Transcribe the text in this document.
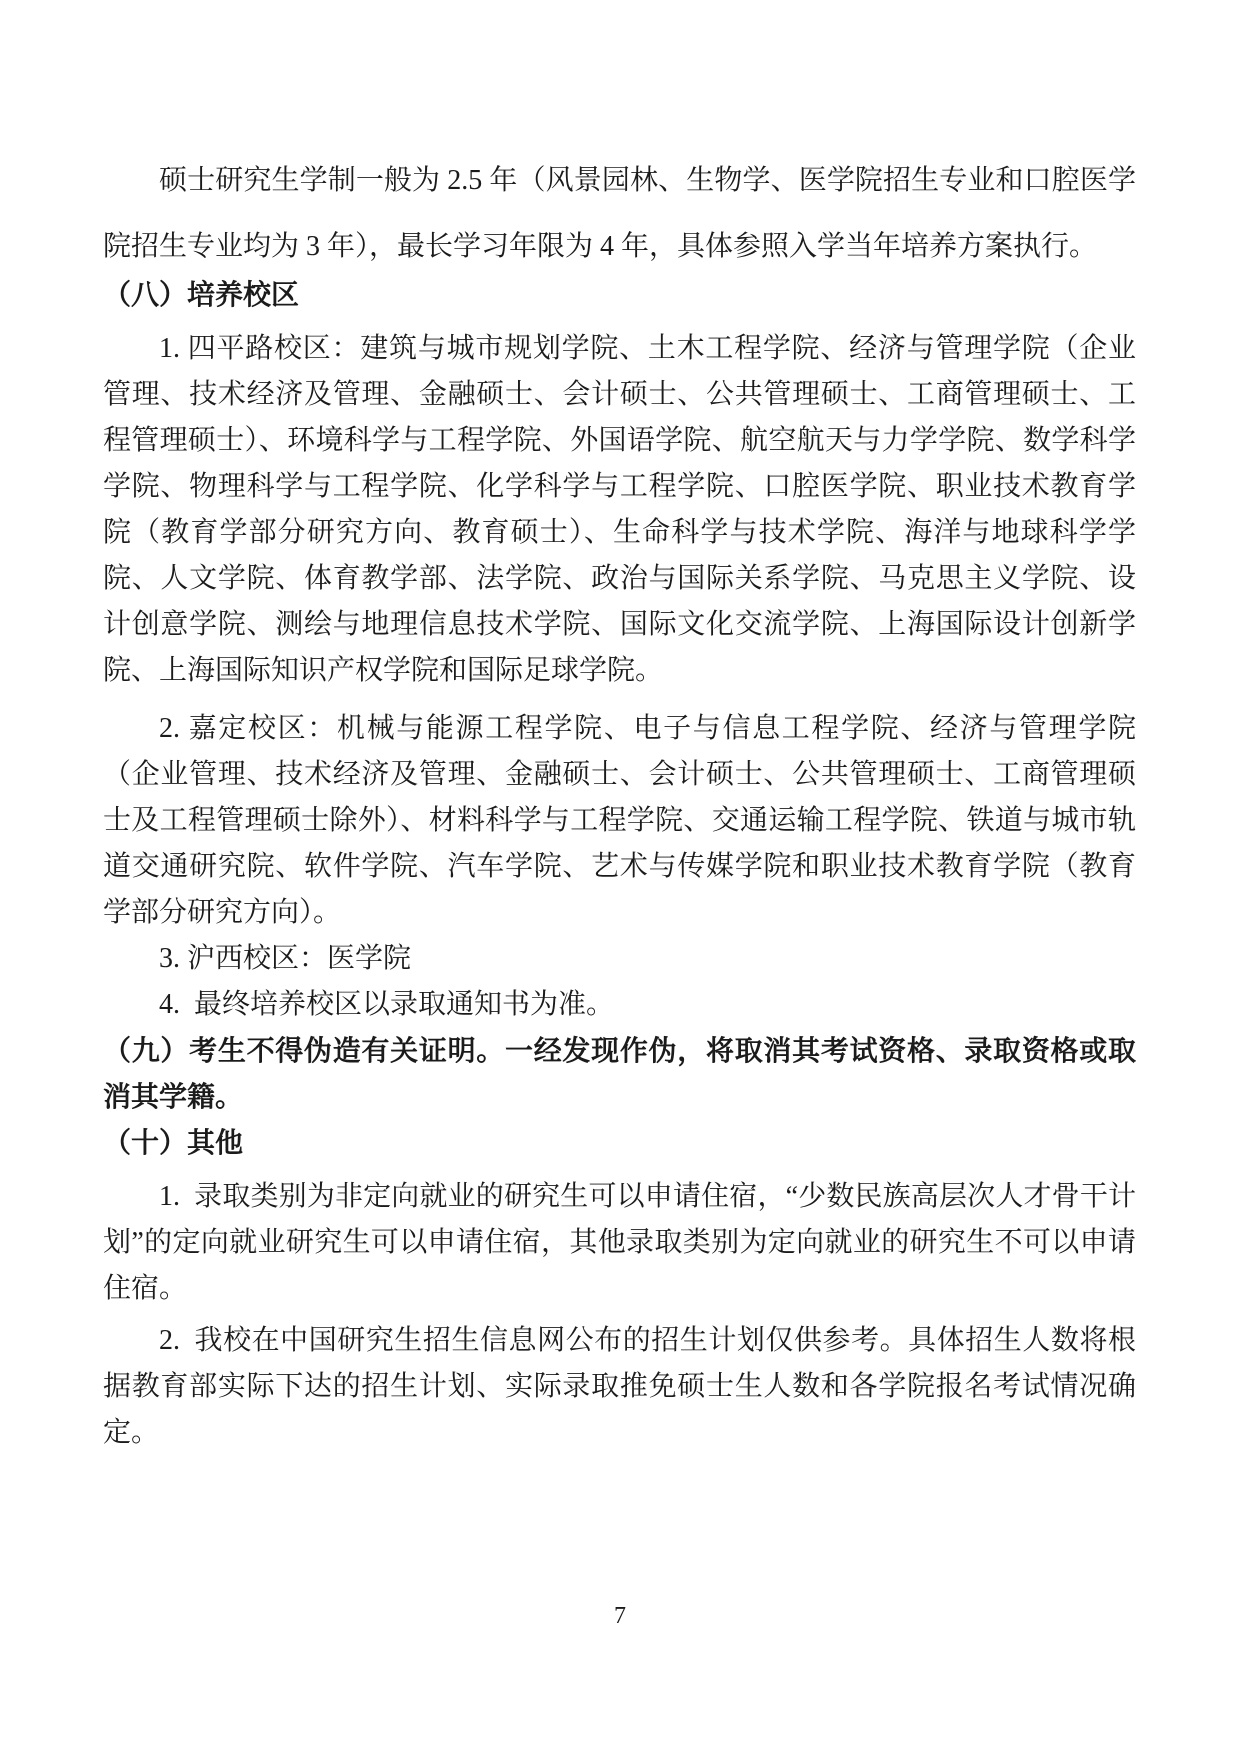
硕士研究生学制一般为 2.5 年（风景园林、生物学、医学院招生专业和口腔医学院招生专业均为 3 年），最长学习年限为 4 年，具体参照入学当年培养方案执行。

（八）培养校区

1. 四平路校区：建筑与城市规划学院、土木工程学院、经济与管理学院（企业管理、技术经济及管理、金融硕士、会计硕士、公共管理硕士、工商管理硕士、工程管理硕士）、环境科学与工程学院、外国语学院、航空航天与力学学院、数学科学学院、物理科学与工程学院、化学科学与工程学院、口腔医学院、职业技术教育学院（教育学部分研究方向、教育硕士）、生命科学与技术学院、海洋与地球科学学院、人文学院、体育教学部、法学院、政治与国际关系学院、马克思主义学院、设计创意学院、测绘与地理信息技术学院、国际文化交流学院、上海国际设计创新学院、上海国际知识产权学院和国际足球学院。

2. 嘉定校区：机械与能源工程学院、电子与信息工程学院、经济与管理学院（企业管理、技术经济及管理、金融硕士、会计硕士、公共管理硕士、工商管理硕士及工程管理硕士除外）、材料科学与工程学院、交通运输工程学院、铁道与城市轨道交通研究院、软件学院、汽车学院、艺术与传媒学院和职业技术教育学院（教育学部分研究方向）。

3. 沪西校区：医学院

4. 最终培养校区以录取通知书为准。

（九）考生不得伪造有关证明。一经发现作伪，将取消其考试资格、录取资格或取消其学籍。

（十）其他

1. 录取类别为非定向就业的研究生可以申请住宿，“少数民族高层次人才骨干计划”的定向就业研究生可以申请住宿，其他录取类别为定向就业的研究生不可以申请住宿。

2. 我校在中国研究生招生信息网公布的招生计划仅供参考。具体招生人数将根据教育部实际下达的招生计划、实际录取推免硕士生人数和各学院报名考试情况确定。

7
